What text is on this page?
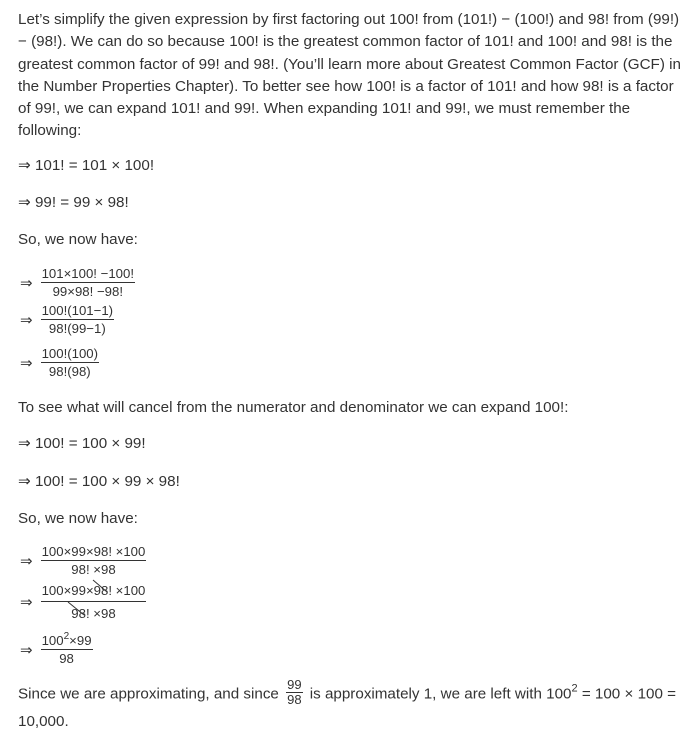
Let’s simplify the given expression by first factoring out 100! from (101!) − (100!) and 98! from (99!) − (98!). We can do so because 100! is the greatest common factor of 101! and 100! and 98! is the greatest common factor of 99! and 98!. (You’ll learn more about Greatest Common Factor (GCF) in the Number Properties Chapter). To better see how 100! is a factor of 101! and how 98! is a factor of 99!, we can expand 101! and 99!. When expanding 101! and 99!, we must remember the following:

⇒ 101! = 101 × 100!

⇒ 99! = 99 × 98!

So, we now have:

⇒ $\frac{101\times 100! -100!}{99\times 98! -98!}$
⇒ $\frac{100!(101-1)}{98!(99-1)}$
⇒ $\frac{100!(100)}{98!(98)}$

To see what will cancel from the numerator and denominator we can expand 100!:

⇒ 100! = 100 × 99!

⇒ 100! = 100 × 99 × 98!

So, we now have:

⇒ $\frac{100\times 99\times 98! \times 100}{98! \times 98}$
⇒ 100×99×98!
×100
98!
×98
⇒ $\frac{100^2\times 99}{98}$

Since we are approximating, and since $\frac{99}{98}$ is approximately 1, we are left with $100^2 = 100 \times 100 = 10,000$.
